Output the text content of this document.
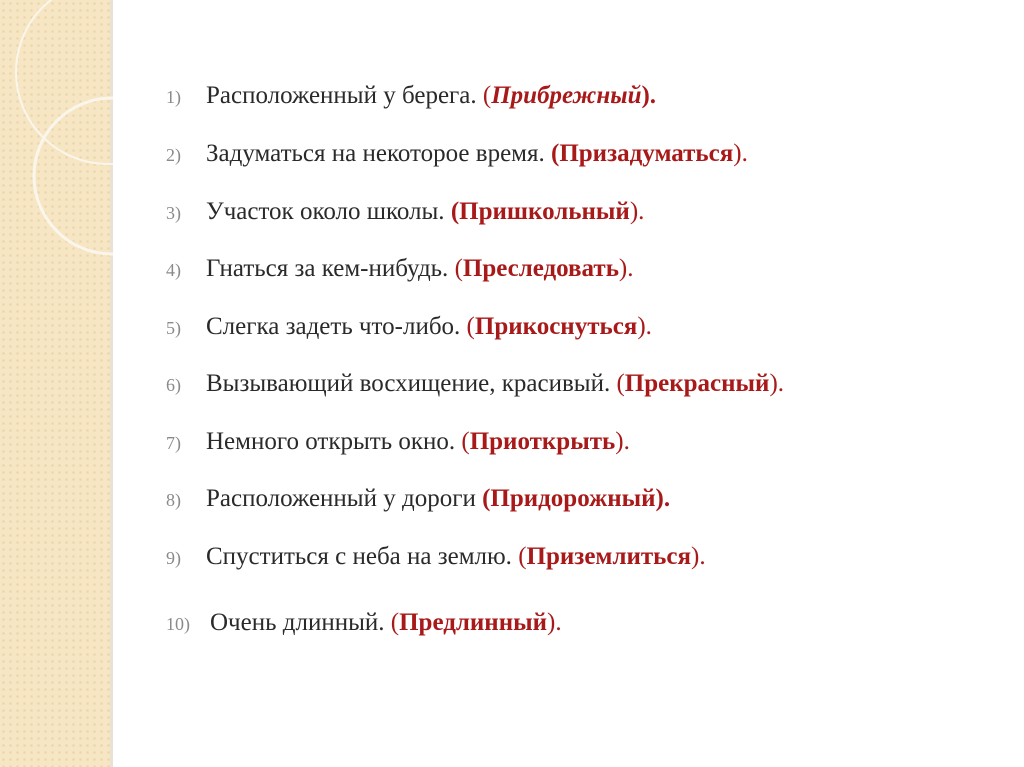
1)	Расположенный у берега. (Прибрежный).
2)	Задуматься на некоторое время. (Призадуматься).
3)	Участок около школы. (Пришкольный).
4)	Гнаться за кем-нибудь. (Преследовать).
5)	Слегка задеть что-либо. (Прикоснуться).
6)	Вызывающий восхищение, красивый. (Прекрасный).
7)	Немного открыть окно. (Приоткрыть).
8)	Расположенный у дороги (Придорожный).
9)	Спуститься с неба на землю. (Приземлиться).
10) Очень длинный. (Предлинный).
